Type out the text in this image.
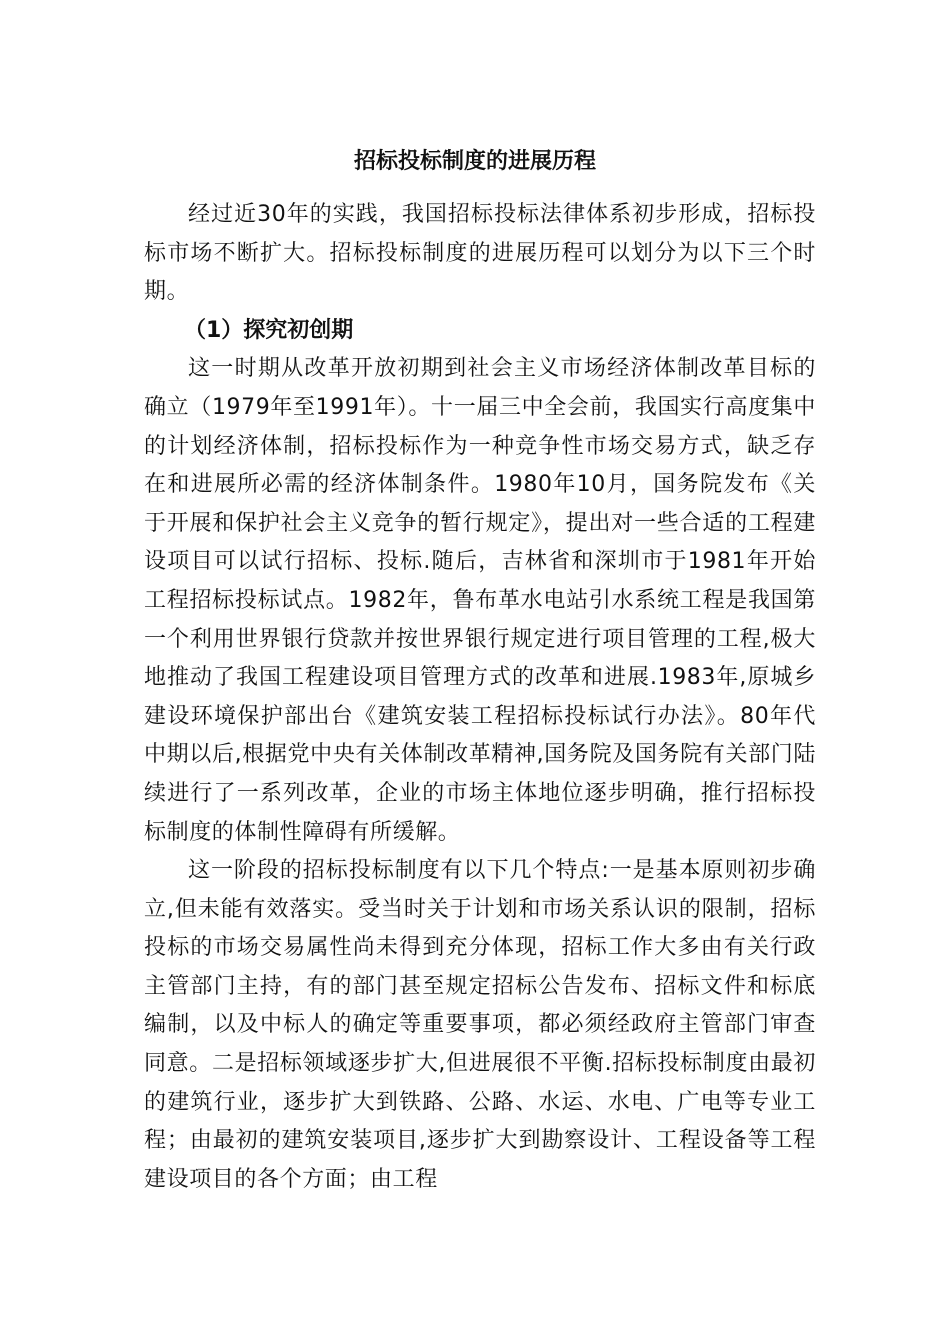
招标投标制度的进展历程

经过近30年的实践，我国招标投标法律体系初步形成，招标投标市场不断扩大。招标投标制度的进展历程可以划分为以下三个时期。

（1）探究初创期

这一时期从改革开放初期到社会主义市场经济体制改革目标的确立（1979年至1991年）。十一届三中全会前，我国实行高度集中的计划经济体制，招标投标作为一种竞争性市场交易方式，缺乏存在和进展所必需的经济体制条件。1980年10月，国务院发布《关于开展和保护社会主义竞争的暂行规定》，提出对一些合适的工程建设项目可以试行招标、投标.随后，吉林省和深圳市于1981年开始工程招标投标试点。1982年，鲁布革水电站引水系统工程是我国第一个利用世界银行贷款并按世界银行规定进行项目管理的工程,极大地推动了我国工程建设项目管理方式的改革和进展.1983年,原城乡建设环境保护部出台《建筑安装工程招标投标试行办法》。80年代中期以后,根据党中央有关体制改革精神,国务院及国务院有关部门陆续进行了一系列改革，企业的市场主体地位逐步明确，推行招标投标制度的体制性障碍有所缓解。

这一阶段的招标投标制度有以下几个特点:一是基本原则初步确立,但未能有效落实。受当时关于计划和市场关系认识的限制，招标投标的市场交易属性尚未得到充分体现，招标工作大多由有关行政主管部门主持，有的部门甚至规定招标公告发布、招标文件和标底编制，以及中标人的确定等重要事项，都必须经政府主管部门审查同意。二是招标领域逐步扩大,但进展很不平衡.招标投标制度由最初的建筑行业，逐步扩大到铁路、公路、水运、水电、广电等专业工程；由最初的建筑安装项目,逐步扩大到勘察设计、工程设备等工程建设项目的各个方面；由工程
